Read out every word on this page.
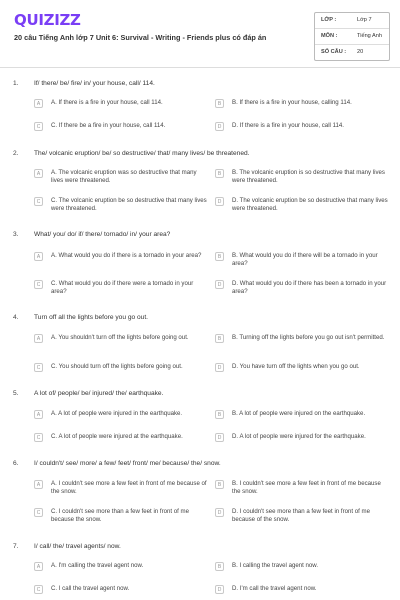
QUIZIZZ
20 câu Tiếng Anh lớp 7 Unit 6: Survival - Writing - Friends plus có đáp án
LỚP :	Lớp 7
MÔN :	Tiếng Anh
SỐ CÂU : 20
1. If/ there/ be/ fire/ in/ your house, call/ 114.
A	A. If there is a fire in your house, call 114.	B	B. If there is a fire in your house, calling 114.
C	C. If there be a fire in your house, call 114.	D	D. If there is a fire in your house, call 114.
2. The/ volcanic eruption/ be/ so destructive/ that/ many lives/ be threatened.
A	A. The volcanic eruption was so destructive that many lives were threatened.
B	B. The volcanic eruption is so destructive that many lives were threatened.
C	C. The volcanic eruption be so destructive that many lives were threatened.
D	D. The volcanic eruption be so destructive that many lives were threatened.
3. What/ you/ do/ if/ there/ tornado/ in/ your area?
A	A. What would you do if there is a tornado in your area?	B	B. What would you do if there will be a tornado in your area?
C	C. What would you do if there were a tornado in your area?
D	D. What would you do if there has been a tornado in your area?
4. Turn off all the lights before you go out.
A	A. You shouldn't turn off the lights before going out.	B	B. Turning off the lights before you go out isn't permitted.
C	C. You should turn off the lights before going out.	D	D. You have turn off the lights when you go out.
5. A lot of/ people/ be/ injured/ the/ earthquake.
A	A. A lot of people were injured in the earthquake.	B	B. A lot of people were injured on the earthquake.
C	C. A lot of people were injured at the earthquake.	D	D. A lot of people were injured for the earthquake.
6. I/ couldn't/ see/ more/ a few/ feet/ front/ me/ because/ the/ snow.
A	A. I couldn't see more a few feet in front of me because of the snow.
B	B. I couldn't see more a few feet in front of me because the snow.
C	C. I couldn't see more than a few feet in front of me because the snow.
D	D. I couldn't see more than a few feet in front of me because of the snow.
7. I/ call/ the/ travel agents/ now.
A	A. I'm calling the travel agent now.	B	B. I calling the travel agent now.
C	C. I call the travel agent now.	D	D. I'm call the travel agent now.
